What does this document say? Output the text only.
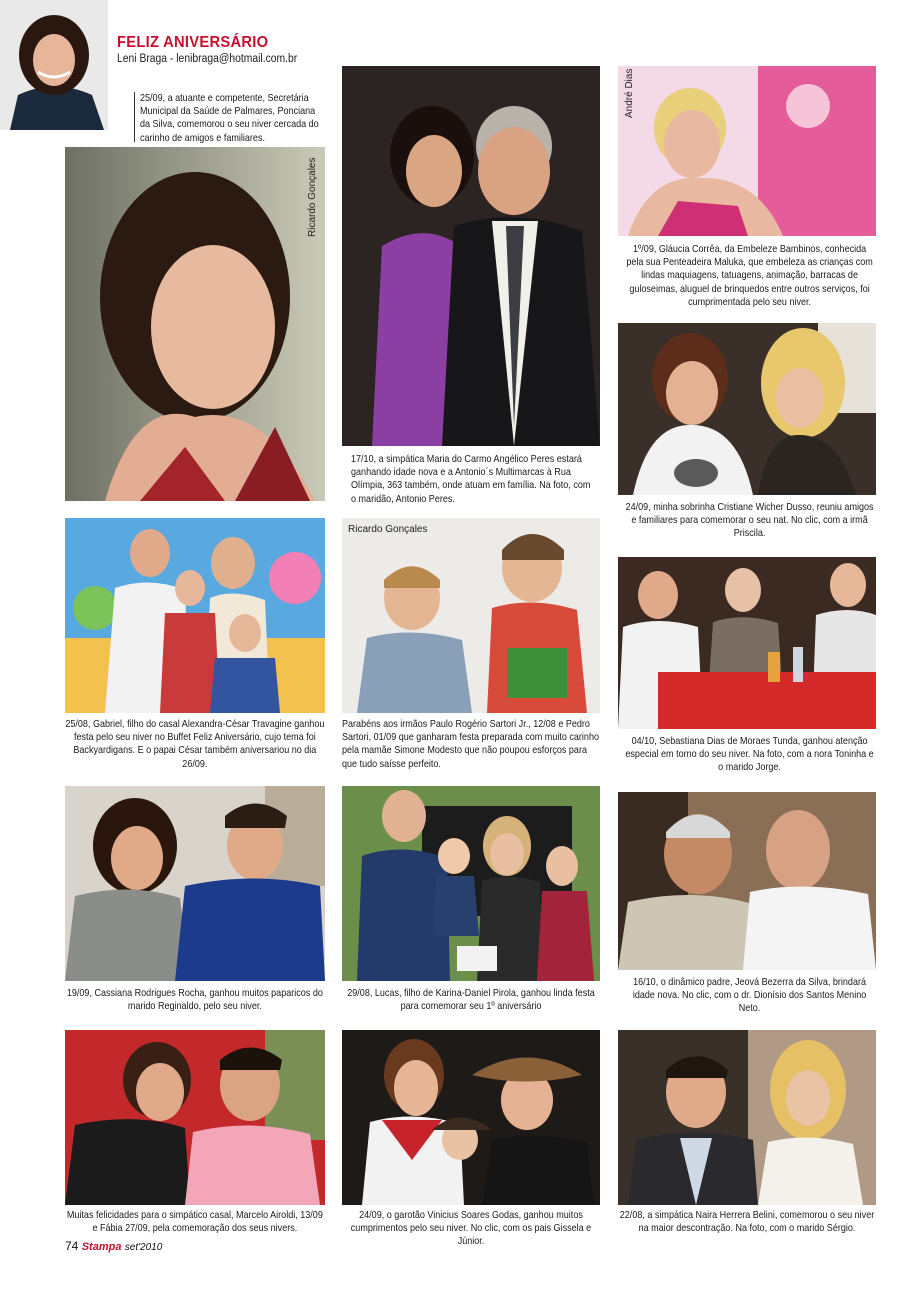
FELIZ ANIVERSÁRIO
Leni Braga - lenibraga@hotmail.com.br
25/09, a atuante e competente, Secretária Municipal da Saúde de Palmares, Ponciana da Silva, comemorou o seu niver cercada do carinho de amigos e familiares.
Ricardo Gonçales
17/10, a simpática Maria do Carmo Angélico Peres estará ganhando idade nova e a Antonio´s Multimarcas à Rua Olímpia, 363 também, onde atuam em família. Na foto, com o maridão, Antonio Peres.
André Dias
1º/09, Gláucia Corrêa, da Embeleze Bambinos, conhecida pela sua Penteadeira Maluka, que embeleza as crianças com lindas maquiagens, tatuagens, animação, barracas de guloseimas, aluguel de brinquedos entre outros serviços, foi cumprimentada pelo seu niver.
24/09, minha sobrinha Cristiane Wicher Dusso, reuniu amigos e familiares para comemorar o seu nat. No clic, com a irmã Priscila.
25/08, Gabriel, filho do casal Alexandra-César Travagine ganhou festa pelo seu niver no Buffet Feliz Aniversário, cujo tema foi Backyardigans. E o papai César também aniversariou no dia 26/09.
Ricardo Gonçales
Parabéns aos irmãos Paulo Rogério Sartori Jr., 12/08 e Pedro Sartori, 01/09 que ganharam festa preparada com muito carinho pela mamãe Simone Modesto que não poupou esforços para que tudo saísse perfeito.
04/10, Sebastiana Dias de Moraes Tunda, ganhou atenção especial em torno do seu niver. Na foto, com a nora Toninha e o marido Jorge.
19/09, Cassiana Rodrigues Rocha, ganhou muitos paparicos do marido Reginaldo, pelo seu niver.
29/08, Lucas, filho de Karina-Daniel Pirola, ganhou linda festa para comemorar seu 1º aniversário
16/10, o dinâmico padre, Jeová Bezerra da Silva, brindará idade nova. No clic, com o dr. Dionísio dos Santos Menino Neto.
Muitas felicidades para o simpático casal, Marcelo Airoldi, 13/09 e Fábia 27/09, pela comemoração dos seus nivers.
24/09, o garotão Vinicius Soares Godas, ganhou muitos cumprimentos pelo seu niver. No clic, com os pais Gissela e Júnior.
22/08, a simpática Naira Herrera Belini, comemorou o seu niver na maior descontração. Na foto, com o marido Sérgio.
74 Stampa set'2010
